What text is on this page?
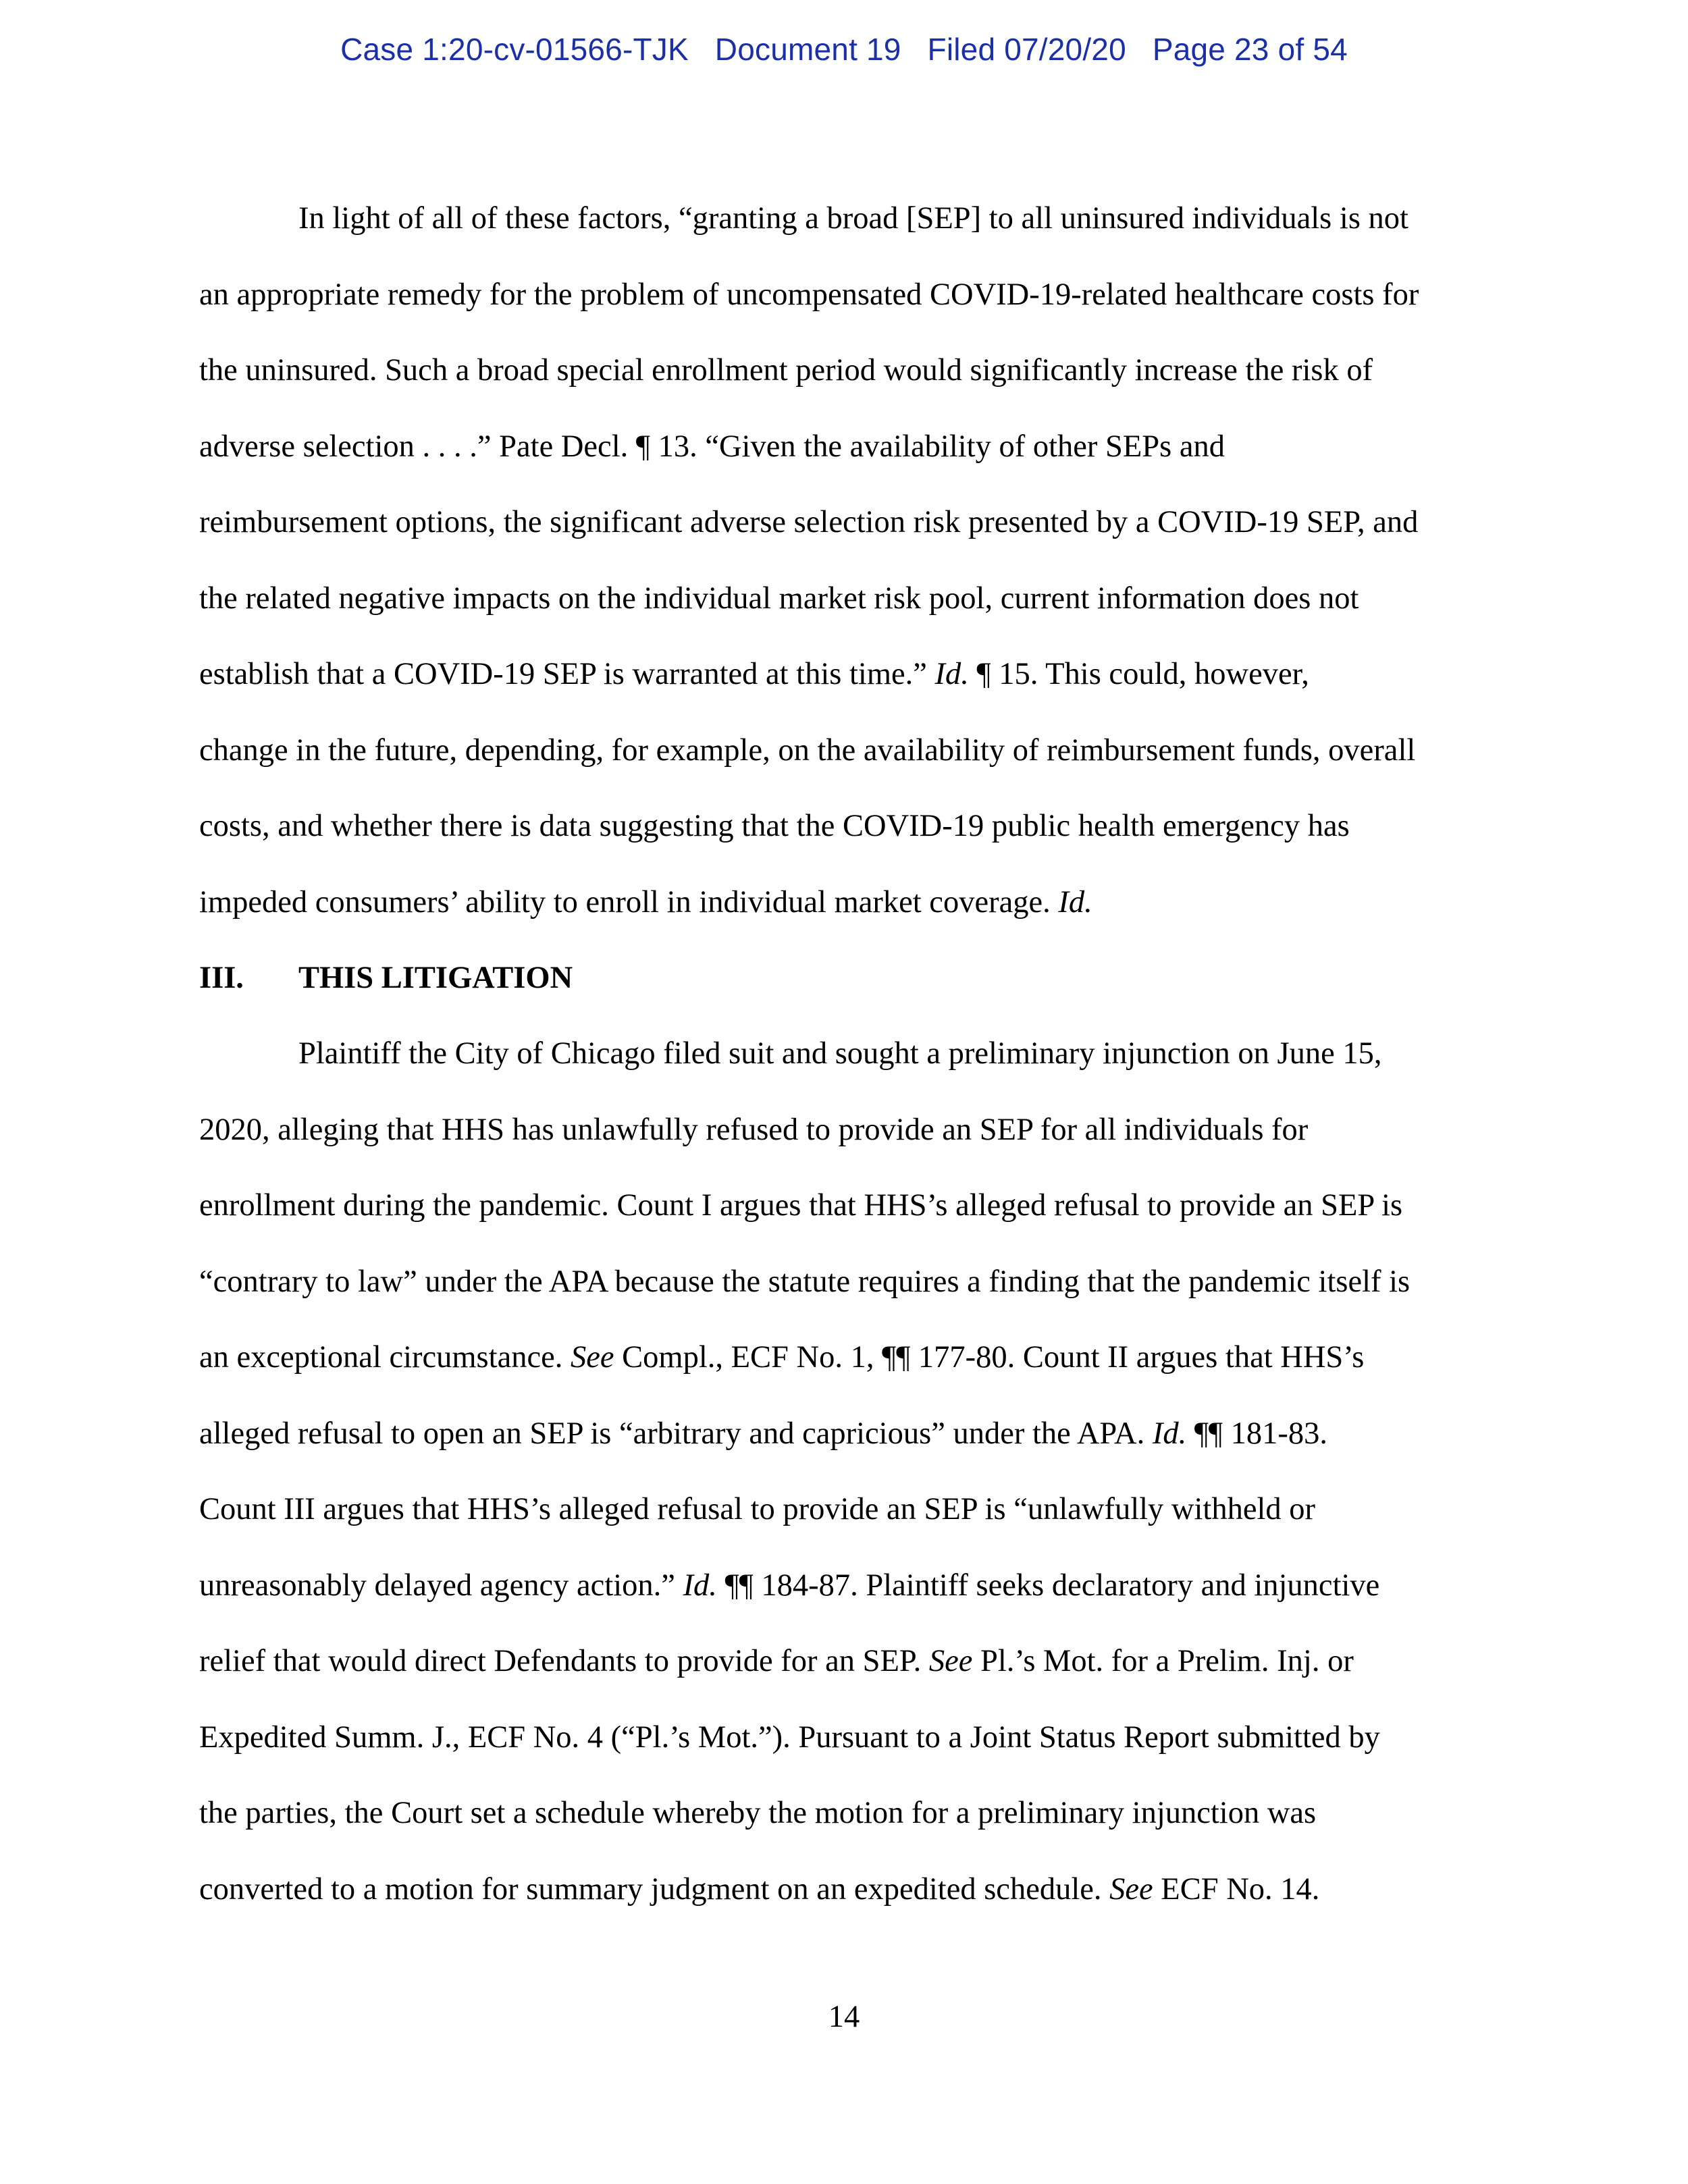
Case 1:20-cv-01566-TJK   Document 19   Filed 07/20/20   Page 23 of 54
In light of all of these factors, “granting a broad [SEP] to all uninsured individuals is not
an appropriate remedy for the problem of uncompensated COVID-19-related healthcare costs for
the uninsured. Such a broad special enrollment period would significantly increase the risk of
adverse selection . . . .” Pate Decl. ¶ 13. “Given the availability of other SEPs and
reimbursement options, the significant adverse selection risk presented by a COVID-19 SEP, and
the related negative impacts on the individual market risk pool, current information does not
establish that a COVID-19 SEP is warranted at this time.” Id. ¶ 15. This could, however,
change in the future, depending, for example, on the availability of reimbursement funds, overall
costs, and whether there is data suggesting that the COVID-19 public health emergency has
impeded consumers’ ability to enroll in individual market coverage. Id.
III. THIS LITIGATION
Plaintiff the City of Chicago filed suit and sought a preliminary injunction on June 15,
2020, alleging that HHS has unlawfully refused to provide an SEP for all individuals for
enrollment during the pandemic. Count I argues that HHS’s alleged refusal to provide an SEP is
“contrary to law” under the APA because the statute requires a finding that the pandemic itself is
an exceptional circumstance. See Compl., ECF No. 1, ¶¶ 177-80. Count II argues that HHS’s
alleged refusal to open an SEP is “arbitrary and capricious” under the APA. Id. ¶¶ 181-83.
Count III argues that HHS’s alleged refusal to provide an SEP is “unlawfully withheld or
unreasonably delayed agency action.” Id. ¶¶ 184-87. Plaintiff seeks declaratory and injunctive
relief that would direct Defendants to provide for an SEP. See Pl.’s Mot. for a Prelim. Inj. or
Expedited Summ. J., ECF No. 4 (“Pl.’s Mot.”). Pursuant to a Joint Status Report submitted by
the parties, the Court set a schedule whereby the motion for a preliminary injunction was
converted to a motion for summary judgment on an expedited schedule. See ECF No. 14.
14
